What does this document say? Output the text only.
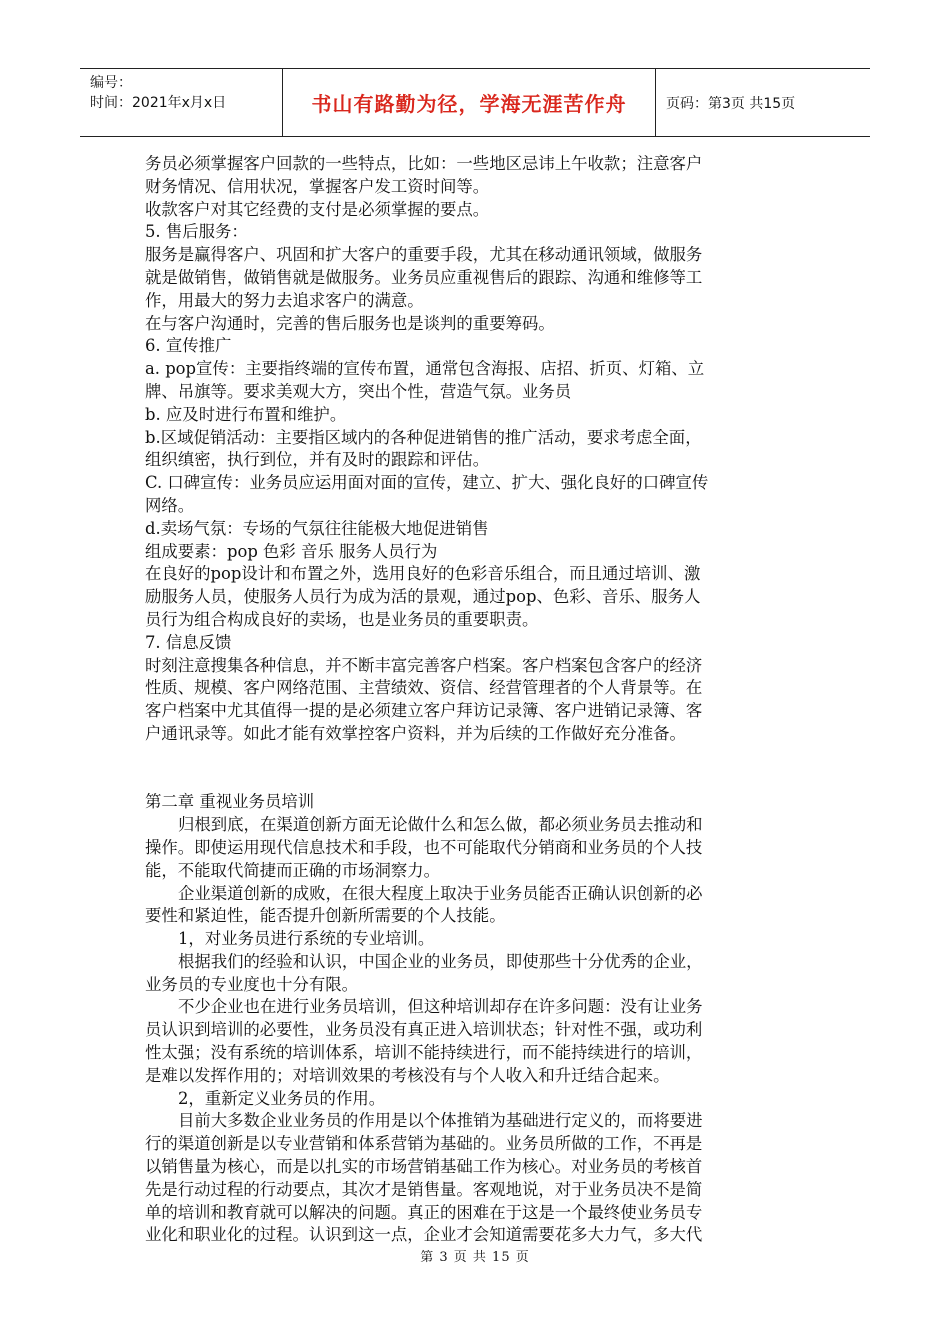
编号：
时间：2021年x月x日	书山有路勤为径，学海无涯苦作舟	页码：第3页 共15页

务员必须掌握客户回款的一些特点，比如：一些地区忌讳上午收款；注意客户

财务情况、信用状况，掌握客户发工资时间等。

收款客户对其它经费的支付是必须掌握的要点。

5. 售后服务：

服务是赢得客户、巩固和扩大客户的重要手段，尤其在移动通讯领域，做服务

就是做销售，做销售就是做服务。业务员应重视售后的跟踪、沟通和维修等工

作，用最大的努力去追求客户的满意。

在与客户沟通时，完善的售后服务也是谈判的重要筹码。

6. 宣传推广

a. pop宣传：主要指终端的宣传布置，通常包含海报、店招、折页、灯箱、立

牌、吊旗等。要求美观大方，突出个性，营造气氛。业务员

b. 应及时进行布置和维护。

b.区域促销活动：主要指区域内的各种促进销售的推广活动，要求考虑全面，

组织缜密，执行到位，并有及时的跟踪和评估。

C. 口碑宣传：业务员应运用面对面的宣传，建立、扩大、强化良好的口碑宣传

网络。

d.卖场气氛：专场的气氛往往能极大地促进销售

组成要素：pop 色彩 音乐 服务人员行为

在良好的pop设计和布置之外，选用良好的色彩音乐组合，而且通过培训、激

励服务人员，使服务人员行为成为活的景观，通过pop、色彩、音乐、服务人

员行为组合构成良好的卖场，也是业务员的重要职责。

7. 信息反馈

时刻注意搜集各种信息，并不断丰富完善客户档案。客户档案包含客户的经济

性质、规模、客户网络范围、主营绩效、资信、经营管理者的个人背景等。在

客户档案中尤其值得一提的是必须建立客户拜访记录簿、客户进销记录簿、客

户通讯录等。如此才能有效掌控客户资料，并为后续的工作做好充分准备。

第二章 重视业务员培训

归根到底，在渠道创新方面无论做什么和怎么做，都必须业务员去推动和

操作。即使运用现代信息技术和手段，也不可能取代分销商和业务员的个人技

能，不能取代简捷而正确的市场洞察力。

企业渠道创新的成败，在很大程度上取决于业务员能否正确认识创新的必

要性和紧迫性，能否提升创新所需要的个人技能。

1，对业务员进行系统的专业培训。

根据我们的经验和认识，中国企业的业务员，即使那些十分优秀的企业，

业务员的专业度也十分有限。

不少企业也在进行业务员培训，但这种培训却存在许多问题：没有让业务

员认识到培训的必要性，业务员没有真正进入培训状态；针对性不强，或功利

性太强；没有系统的培训体系，培训不能持续进行，而不能持续进行的培训，

是难以发挥作用的；对培训效果的考核没有与个人收入和升迁结合起来。

2，重新定义业务员的作用。

目前大多数企业业务员的作用是以个体推销为基础进行定义的，而将要进

行的渠道创新是以专业营销和体系营销为基础的。业务员所做的工作，不再是

以销售量为核心，而是以扎实的市场营销基础工作为核心。对业务员的考核首

先是行动过程的行动要点，其次才是销售量。客观地说，对于业务员决不是简

单的培训和教育就可以解决的问题。真正的困难在于这是一个最终使业务员专

业化和职业化的过程。认识到这一点，企业才会知道需要花多大力气，多大代

第 3 页 共 15 页
